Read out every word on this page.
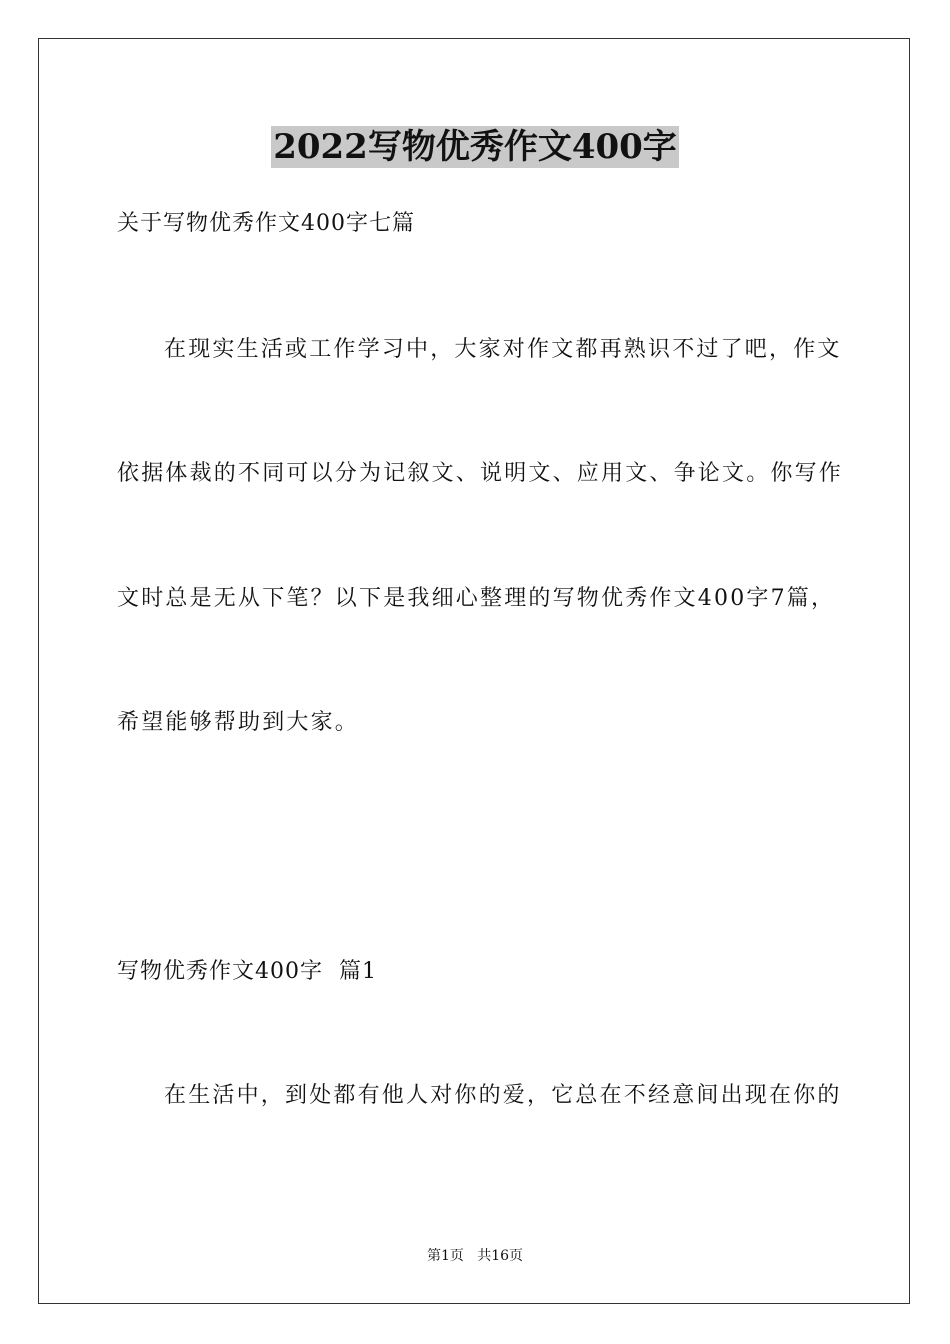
2022写物优秀作文400字
关于写物优秀作文400字七篇
在现实生活或工作学习中，大家对作文都再熟识不过了吧，作文
依据体裁的不同可以分为记叙文、说明文、应用文、争论文。你写作
文时总是无从下笔？以下是我细心整理的写物优秀作文400字7篇，
希望能够帮助到大家。
写物优秀作文400字  篇1
在生活中，到处都有他人对你的爱，它总在不经意间出现在你的
第1页   共16页
